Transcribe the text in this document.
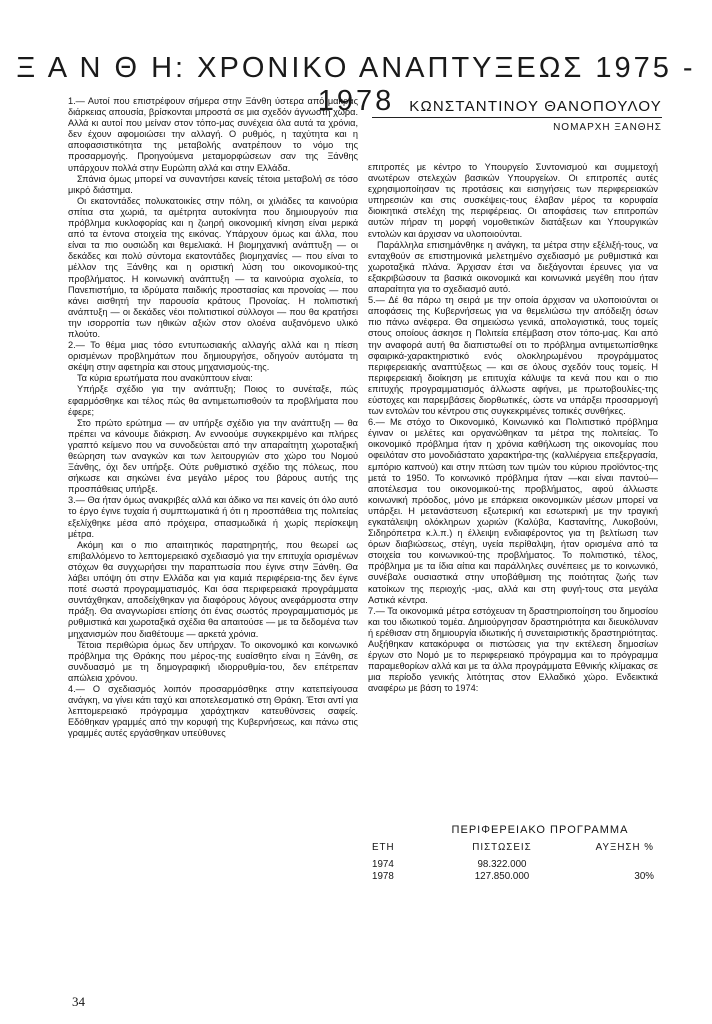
Ξ Α Ν Θ Η: ΧΡΟΝΙΚΟ ΑΝΑΠΤΥΞΕΩΣ 1975 - 1978

1.— Αυτοί που επιστρέφουν σήμερα στην Ξάνθη ύστερα από μακράς διάρκειας απουσία, βρίσκονται μπροστά σε μια σχεδόν άγνωστη χώρα. Αλλά κι αυτοί που μείναν στον τόπο-μας συνέχεια όλα αυτά τα χρόνια, δεν έχουν αφομοιώσει την αλλαγή. Ο ρυθμός, η ταχύτητα και η αποφασιστικότητα της μεταβολής ανατρέπουν το νόμο της προσαρμογής. Προηγούμενα μεταμορφώσεων σαν της Ξάνθης υπάρχουν πολλά στην Ευρώπη αλλά και στην Ελλάδα.

Σπάνια όμως μπορεί να συναντήσει κανείς τέτοια μεταβολή σε τόσο μικρό διάστημα.

Οι εκατοντάδες πολυκατοικίες στην πόλη, οι χιλιάδες τα καινούρια σπίτια στα χωριά, τα αμέτρητα αυτοκίνητα που δημιουργούν πια πρόβλημα κυκλοφορίας και η ζωηρή οικονομική κίνηση είναι μερικά από τα έντονα στοιχεία της εικόνας. Υπάρχουν όμως και άλλα, που είναι τα πιο ουσιώδη και θεμελιακά. Η βιομηχανική ανάπτυξη — οι δεκάδες και πολύ σύντομα εκατοντάδες βιομηχανίες — που είναι το μέλλον της Ξάνθης και η οριστική λύση του οικονομικού-της προβλήματος. Η κοινωνική ανάπτυξη — τα καινούρια σχολεία, το Πανεπιστήμιο, τα ιδρύματα παιδικής προστασίας και προνοίας — που κάνει αισθητή την παρουσία κράτους Προνοίας. Η πολιτιστική ανάπτυξη — οι δεκάδες νέοι πολιτιστικοί σύλλογοι — που θα κρατήσει την ισορροπία των ηθικών αξιών στον ολοένα αυξανόμενο υλικό πλούτο.

2.— Το θέμα μιας τόσο εντυπωσιακής αλλαγής αλλά και η πίεση ορισμένων προβλημάτων που δημιουργήσε, οδηγούν αυτόματα τη σκέψη στην αφετηρία και στους μηχανισμούς-της.

Τα κύρια ερωτήματα που ανακύπτουν είναι:

Υπήρξε σχέδιο για την ανάπτυξη; Ποιος το συνέταξε, πώς εφαρμόσθηκε και τέλος πώς θα αντιμετωπισθούν τα προβλήματα που έφερε;

Στο πρώτο ερώτημα — αν υπήρξε σχέδιο για την ανάπτυξη — θα πρέπει να κάνουμε διάκριση. Αν εννοούμε συγκεκριμένο και πλήρες γραπτό κείμενο που να συνοδεύεται από την απαραίτητη χωροταξική θεώρηση των αναγκών και των λειτουργιών στο χώρο του Νομού Ξάνθης, όχι δεν υπήρξε. Ούτε ρυθμιστικό σχέδιο της πόλεως, που σήκωσε και σηκώνει ένα μεγάλο μέρος του βάρους αυτής της προσπάθειας υπήρξε.

3.— Θα ήταν όμως ανακριβές αλλά και άδικο να πει κανείς ότι όλο αυτό το έργο έγινε τυχαία ή συμπτωματικά ή ότι η προσπάθεια της πολιτείας εξελίχθηκε μέσα από πρόχειρα, σπασμωδικά ή χωρίς περίσκεψη μέτρα.

Ακόμη και ο πιο απαιτητικός παρατηρητής, που θεωρεί ως επιβαλλόμενο το λεπτομερειακό σχεδιασμό για την επιτυχία ορισμένων στόχων θα συγχωρήσει την παραπτωσία που έγινε στην Ξάνθη. Θα λάβει υπόψη ότι στην Ελλάδα και για καμιά περιφέρεια-της δεν έγινε ποτέ σωστά προγραμματισμός. Και όσα περιφερειακά προγράμματα συντάχθηκαν, αποδείχθηκαν για διαφόρους λόγους ανεφάρμοστα στην πράξη. Θα αναγνωρίσει επίσης ότι ένας σωστός προγραμματισμός με ρυθμιστικά και χωροταξικά σχέδια θα απαιτούσε — με τα δεδομένα των μηχανισμών που διαθέτουμε — αρκετά χρόνια.

Τέτοια περιθώρια όμως δεν υπήρχαν. Το οικονομικό και κοινωνικό πρόβλημα της Θράκης που μέρος-της ευαίσθητο είναι η Ξάνθη, σε συνδυασμό με τη δημογραφική ιδιορρυθμία-του, δεν επέτρεπαν απώλεια χρόνου.

4.— Ο σχεδιασμός λοιπόν προσαρμόσθηκε στην κατεπείγουσα ανάγκη, να γίνει κάτι ταχύ και αποτελεσματικό στη Θράκη. Έτσι αντί για λεπτομερειακό πρόγραμμα χαράχτηκαν κατευθύνσεις σαφείς. Εδόθηκαν γραμμές από την κορυφή της Κυβερνήσεως, και πάνω στις γραμμές αυτές εργάσθηκαν υπεύθυνες

ΚΩΝΣΤΑΝΤΙΝΟΥ ΘΑΝΟΠΟΥΛΟΥ
ΝΟΜΑΡΧΗ ΞΑΝΘΗΣ

επιτροπές με κέντρο το Υπουργείο Συντονισμού και συμμετοχή ανωτέρων στελεχών βασικών Υπουργείων. Οι επιτροπές αυτές εχρησιμοποίησαν τις προτάσεις και εισηγήσεις των περιφερειακών υπηρεσιών και στις συσκέψεις-τους έλαβαν μέρος τα κορυφαία διοικητικά στελέχη της περιφέρειας. Οι αποφάσεις των επιτροπών αυτών πήραν τη μορφή νομοθετικών διατάξεων και Υπουργικών εντολών και άρχισαν να υλοποιούνται.

Παράλληλα επισημάνθηκε η ανάγκη, τα μέτρα στην εξέλιξή-τους, να ενταχθούν σε επιστημονικά μελετημένο σχεδιασμό με ρυθμιστικά και χωροταξικά πλάνα. Άρχισαν έτσι να διεξάγονται έρευνες για να εξακριβώσουν τα βασικά οικονομικά και κοινωνικά μεγέθη που ήταν απαραίτητα για το σχεδιασμό αυτό.

5.— Δέ θα πάρω τη σειρά με την οποία άρχισαν να υλοποιούνται οι αποφάσεις της Κυβερνήσεως για να θεμελιώσω την απόδειξη όσων πιο πάνω ανέφερα. Θα σημειώσω γενικά, απολογιστικά, τους τομείς στους οποίους άσκησε η Πολιτεία επέμβαση στον τόπο-μας. Και από την αναφορά αυτή θα διαπιστωθεί οτι το πρόβλημα αντιμετωπίσθηκε σφαιρικά-χαρακτηριστικό ενός ολοκληρωμένου προγράμματος περιφερειακής αναπτύξεως — και σε όλους σχεδόν τους τομείς. Η περιφερειακή διοίκηση με επιτυχία κάλυψε τα κενά που και ο πιο επιτυχής προγραμματισμός άλλωστε αφήνει, με πρωτοβουλίες-της εύστοχες και παρεμβάσεις διορθωτικές, ώστε να υπάρξει προσαρμογή των εντολών του κέντρου στις συγκεκριμένες τοπικές συνθήκες.

6.— Με στόχο το Οικονομικό, Κοινωνικό και Πολιτιστικό πρόβλημα έγιναν οι μελέτες και οργανώθηκαν τα μέτρα της πολιτείας. Το οικονομικό πρόβλημα ήταν η χρόνια καθήλωση της οικονομίας που οφειλόταν στο μονοδιάστατο χαρακτήρα-της (καλλιέργεια επεξεργασία, εμπόριο καπνού) και στην πτώση των τιμών του κύριου προϊόντος-της μετά το 1950. Το κοινωνικό πρόβλημα ήταν —και είναι παντού— αποτέλεσμα του οικονομικού-της προβλήματος, αφού άλλωστε κοινωνική πρόοδος, μόνο με επάρκεια οικονομικών μέσων μπορεί να υπάρξει. Η μετανάστευση εξωτερική και εσωτερική με την τραγική εγκατάλειψη ολόκληρων χωριών (Καλύβα, Καστανίτης, Λυκοβούνι, Σιδηρόπετρα κ.λ.π.) η έλλειψη ενδιαφέροντος για τη βελτίωση των όρων διαβιώσεως, στέγη, υγεία περίθαλψη, ήταν ορισμένα από τα στοιχεία του κοινωνικού-της προβλήματος. Το πολιτιστικό, τέλος, πρόβλημα με τα ίδια αίτια και παράλληλες συνέπειες με το κοινωνικό, συνέβαλε ουσιαστικά στην υποβάθμιση της ποιότητας ζωής των κατοίκων της περιοχής -μας, αλλά και στη φυγή-τους στα μεγάλα Αστικά κέντρα.

7.— Τα οικονομικά μέτρα εστόχευαν τη δραστηριοποίηση του δημοσίου και του ιδιωτικού τομέα. Δημιούργησαν δραστηριότητα και διευκόλυναν ή ερέθισαν στη δημιουργία ιδιωτικής ή συνεταιριστικής δραστηριότητας. Αυξήθηκαν κατακόρυφα οι πιστώσεις για την εκτέλεση δημοσίων έργων στο Νομό με το περιφερειακό πρόγραμμα και το πρόγραμμα παραμεθορίων αλλά και με τα άλλα προγράμματα Εθνικής κλίμακας σε μια περίοδο γενικής λιτότητας στον Ελλαδικό χώρο. Ενδεικτικά αναφέρω με βάση το 1974:

ΠΕΡΙΦΕΡΕΙΑΚΟ ΠΡΟΓΡΑΜΜΑ
ΕΤΗ	ΠΙΣΤΩΣΕΙΣ	ΑΥΞΗΣΗ %
1974	98.322.000	
1978	127.850.000	30%
34
